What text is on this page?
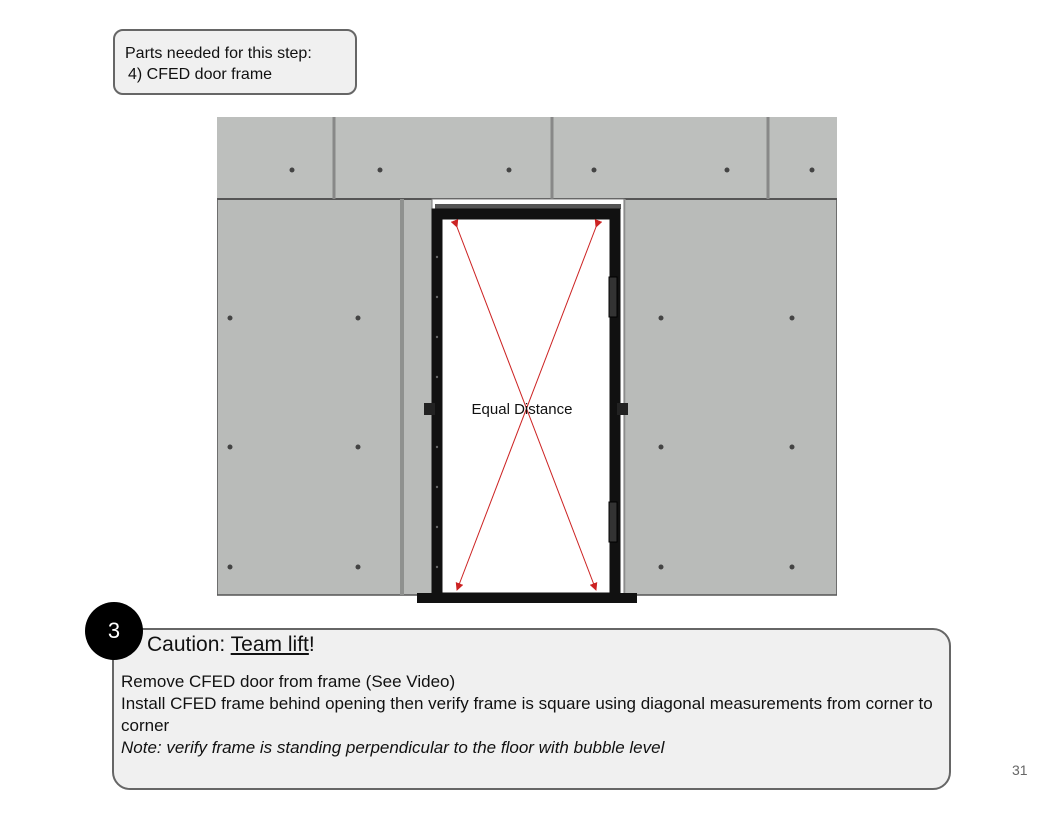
Parts needed for this step:
4) CFED door frame
Equal Distance
3
Caution: Team lift!
Remove CFED door from frame (See Video)
Install CFED frame behind opening then verify frame is square using diagonal measurements from corner to corner
Note: verify frame is standing perpendicular to the floor with bubble level
31
